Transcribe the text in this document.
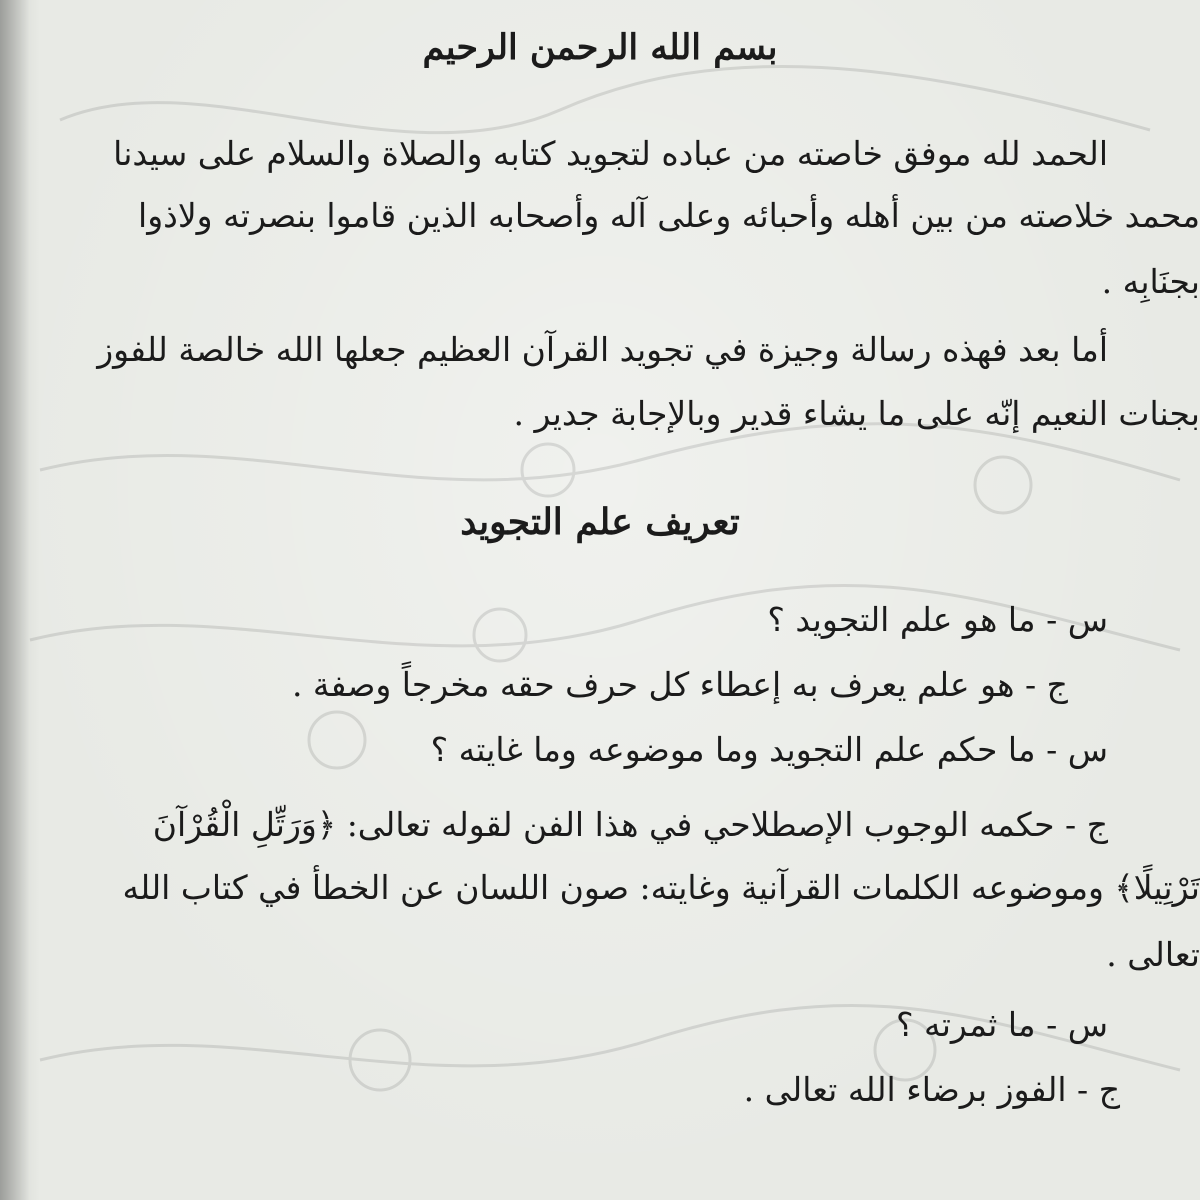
بسم الله الرحمن الرحيم
الحمد لله موفق خاصته من عباده لتجويد كتابه والصلاة والسلام على سيدنا
محمد خلاصته من بين أهله وأحبائه وعلى آله وأصحابه الذين قاموا بنصرته ولاذوا
بجنَابِه .
أما بعد فهذه رسالة وجيزة في تجويد القرآن العظيم جعلها الله خالصة للفوز
بجنات النعيم إنّه على ما يشاء قدير وبالإجابة جدير .
تعريف علم التجويد
س - ما هو علم التجويد ؟
ج - هو علم يعرف به إعطاء كل حرف حقه مخرجاً وصفة .
س - ما حكم علم التجويد وما موضوعه وما غايته ؟
ج - حكمه الوجوب الإصطلاحي في هذا الفن لقوله تعالى: ﴿وَرَتِّلِ الْقُرْآنَ
تَرْتِيلًا﴾ وموضوعه الكلمات القرآنية وغايته: صون اللسان عن الخطأ في كتاب الله
تعالى .
س - ما ثمرته ؟
ج - الفوز برضاء الله تعالى .
